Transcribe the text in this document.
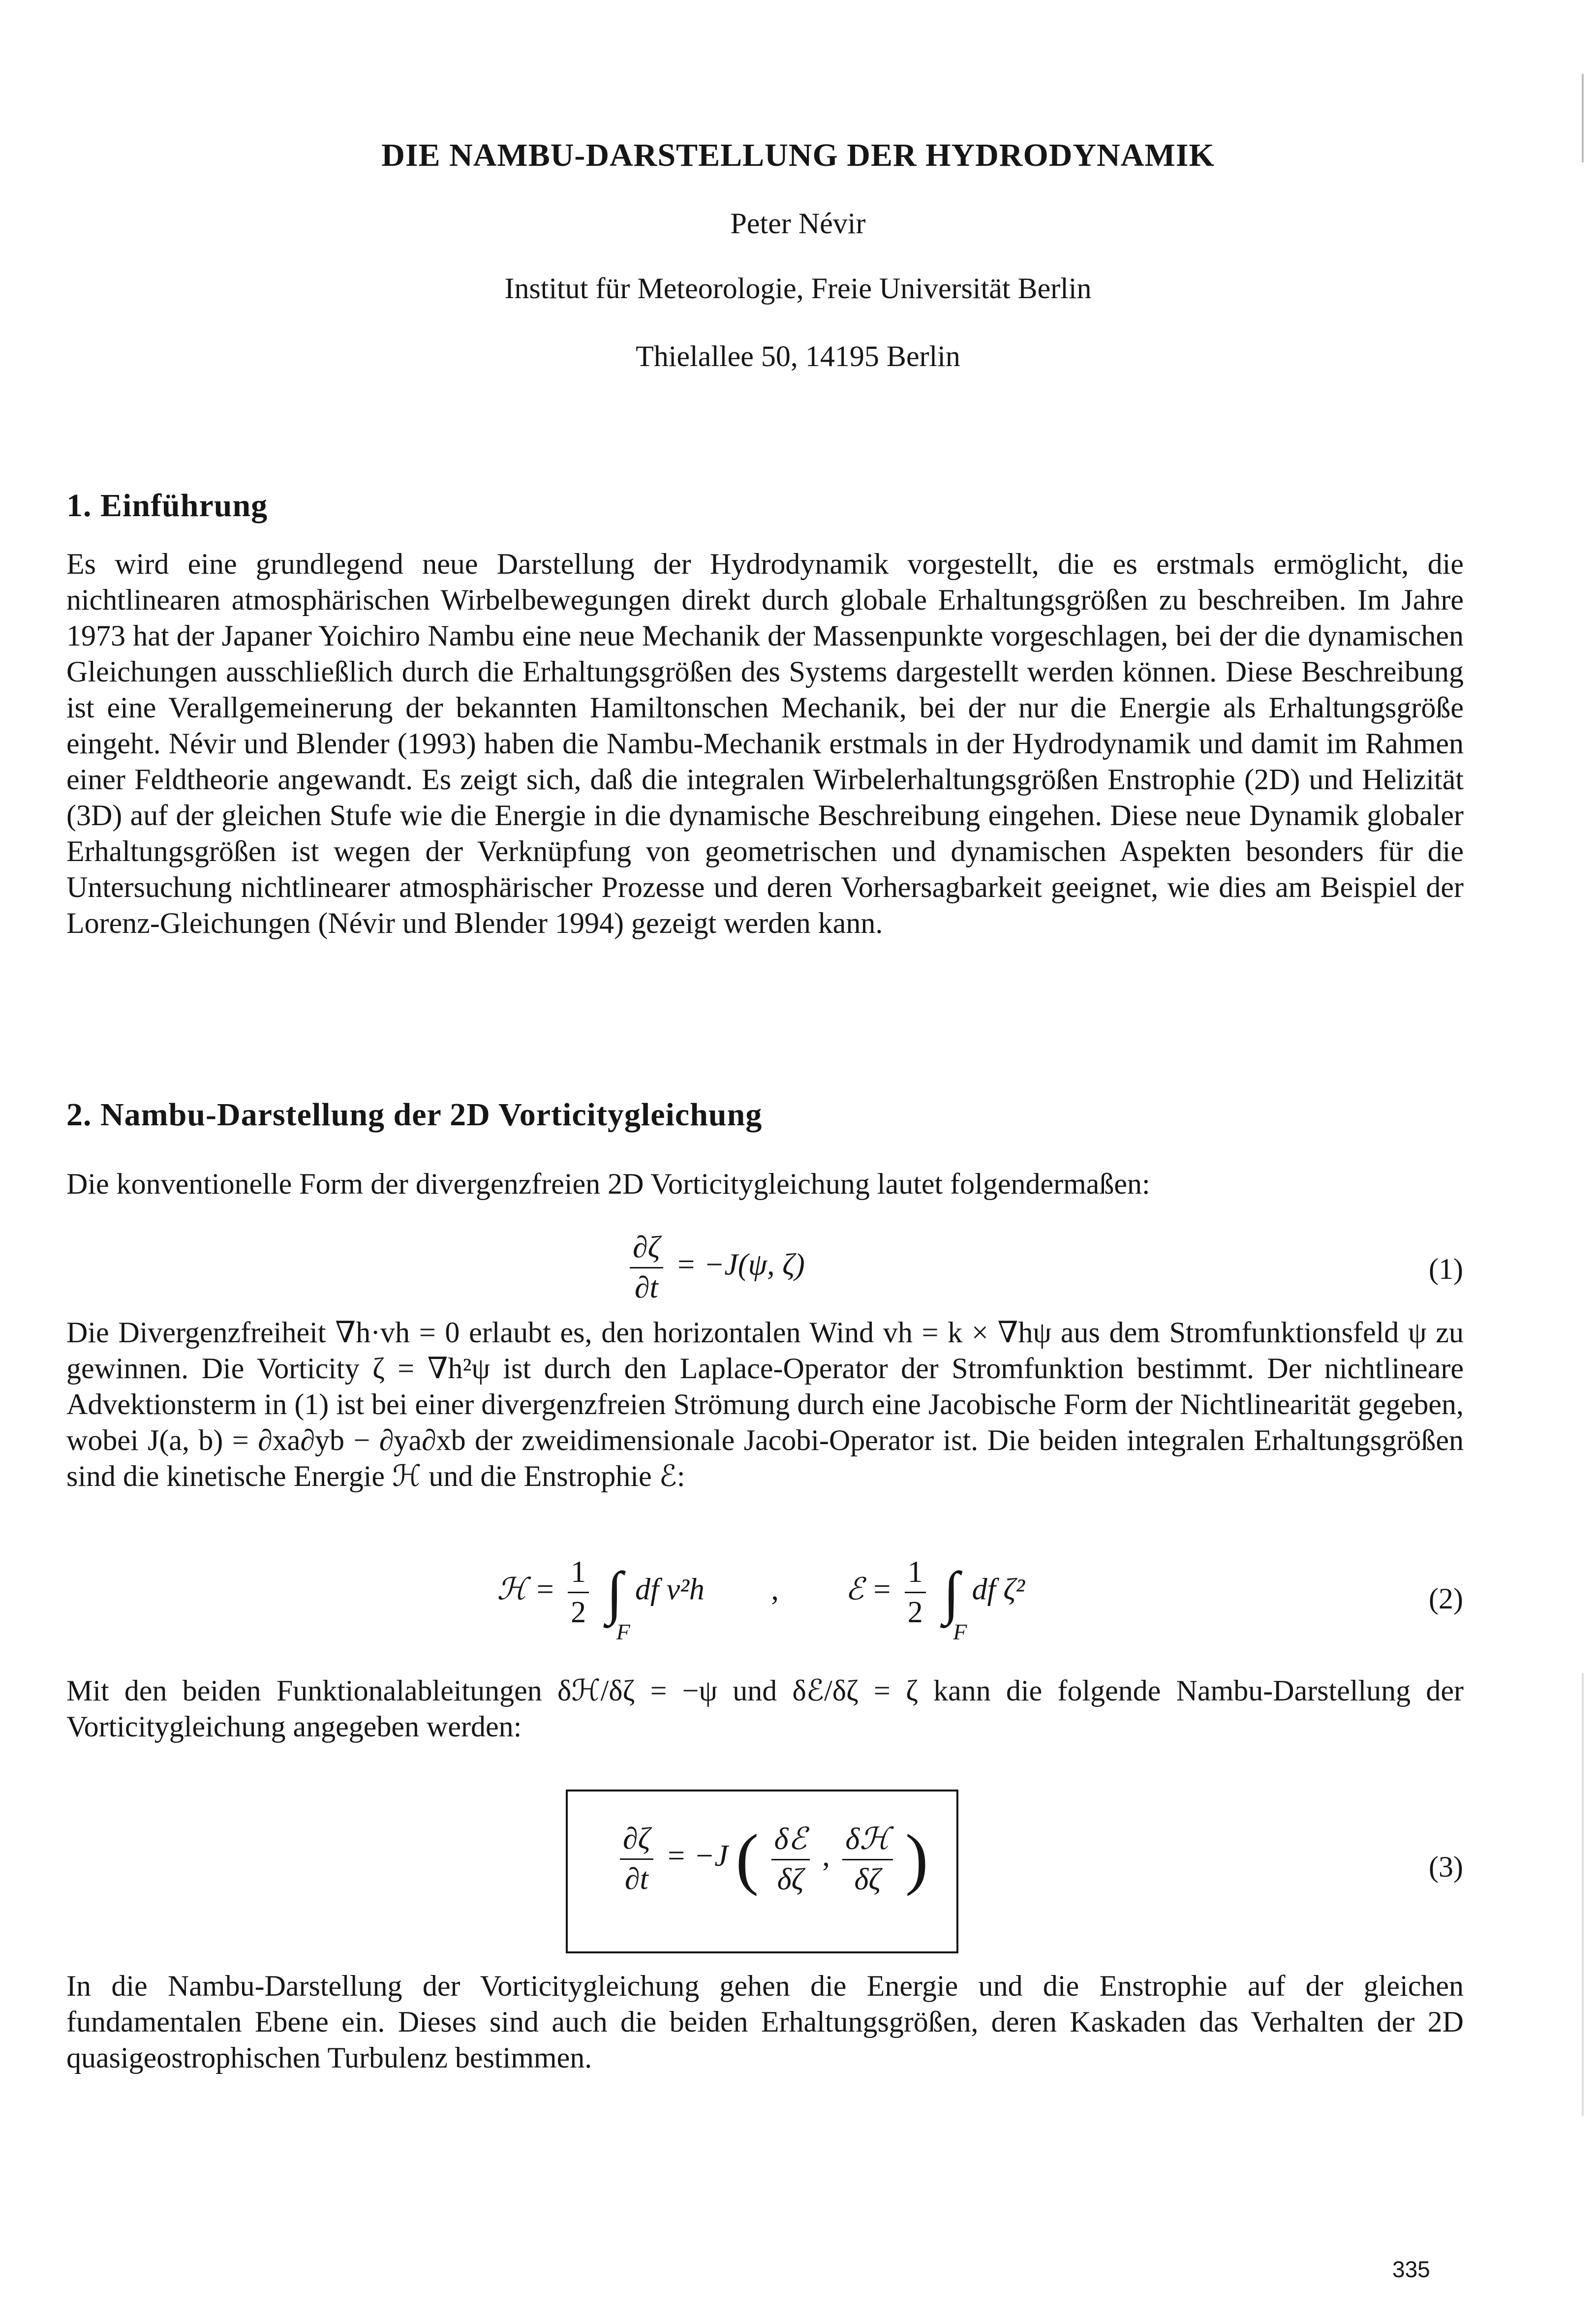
DIE NAMBU-DARSTELLUNG DER HYDRODYNAMIK
Peter Névir
Institut für Meteorologie, Freie Universität Berlin
Thielallee 50, 14195 Berlin
1. Einführung
Es wird eine grundlegend neue Darstellung der Hydrodynamik vorgestellt, die es erstmals ermöglicht, die nichtlinearen atmosphärischen Wirbelbewegungen direkt durch globale Erhaltungsgrößen zu beschreiben. Im Jahre 1973 hat der Japaner Yoichiro Nambu eine neue Mechanik der Massenpunkte vorgeschlagen, bei der die dynamischen Gleichungen ausschließlich durch die Erhaltungsgrößen des Systems dargestellt werden können. Diese Beschreibung ist eine Verallgemeinerung der bekannten Hamiltonschen Mechanik, bei der nur die Energie als Erhaltungsgröße eingeht. Névir und Blender (1993) haben die Nambu-Mechanik erstmals in der Hydrodynamik und damit im Rahmen einer Feldtheorie angewandt. Es zeigt sich, daß die integralen Wirbelerhaltungsgrößen Enstrophie (2D) und Helizität (3D) auf der gleichen Stufe wie die Energie in die dynamische Beschreibung eingehen. Diese neue Dynamik globaler Erhaltungsgrößen ist wegen der Verknüpfung von geometrischen und dynamischen Aspekten besonders für die Untersuchung nichtlinearer atmosphärischer Prozesse und deren Vorhersagbarkeit geeignet, wie dies am Beispiel der Lorenz-Gleichungen (Névir und Blender 1994) gezeigt werden kann.
2. Nambu-Darstellung der 2D Vorticitygleichung
Die konventionelle Form der divergenzfreien 2D Vorticitygleichung lautet folgendermaßen:
$\frac{\partial\zeta}{\partial t} = -J(\psi$, ζ)	(1)
Die Divergenzfreiheit ∇h·vh = 0 erlaubt es, den horizontalen Wind vh = k × ∇hψ aus dem Stromfunktionsfeld ψ zu gewinnen. Die Vorticity ζ = ∇h²ψ ist durch den Laplace-Operator der Stromfunktion bestimmt. Der nichtlineare Advektionsterm in (1) ist bei einer divergenzfreien Strömung durch eine Jacobische Form der Nichtlinearität gegeben, wobei J(a, b) = ∂xa∂yb − ∂ya∂xb der zweidimensionale Jacobi-Operator ist. Die beiden integralen Erhaltungsgrößen sind die kinetische Energie ℋ und die Enstrophie ℰ:
ℋ = $\frac{1}{2}$ ∫
F
df v²h , ℰ = $\frac{1}{2}$ ∫
F
df ζ²	(2)
Mit den beiden Funktionalableitungen δℋ/δζ = −ψ und δℰ/δζ = ζ kann die folgende Nambu-Darstellung der Vorticitygleichung angegeben werden:
$\frac{\partial\zeta}{\partial t} = -J$ ( $\frac{\text{δℰ}}{\delta\zeta}$ , $\frac{\text{δℋ}}{\delta\zeta}$ )	(3)
In die Nambu-Darstellung der Vorticitygleichung gehen die Energie und die Enstrophie auf der gleichen fundamentalen Ebene ein. Dieses sind auch die beiden Erhaltungsgrößen, deren Kaskaden das Verhalten der 2D quasigeostrophischen Turbulenz bestimmen.
335
